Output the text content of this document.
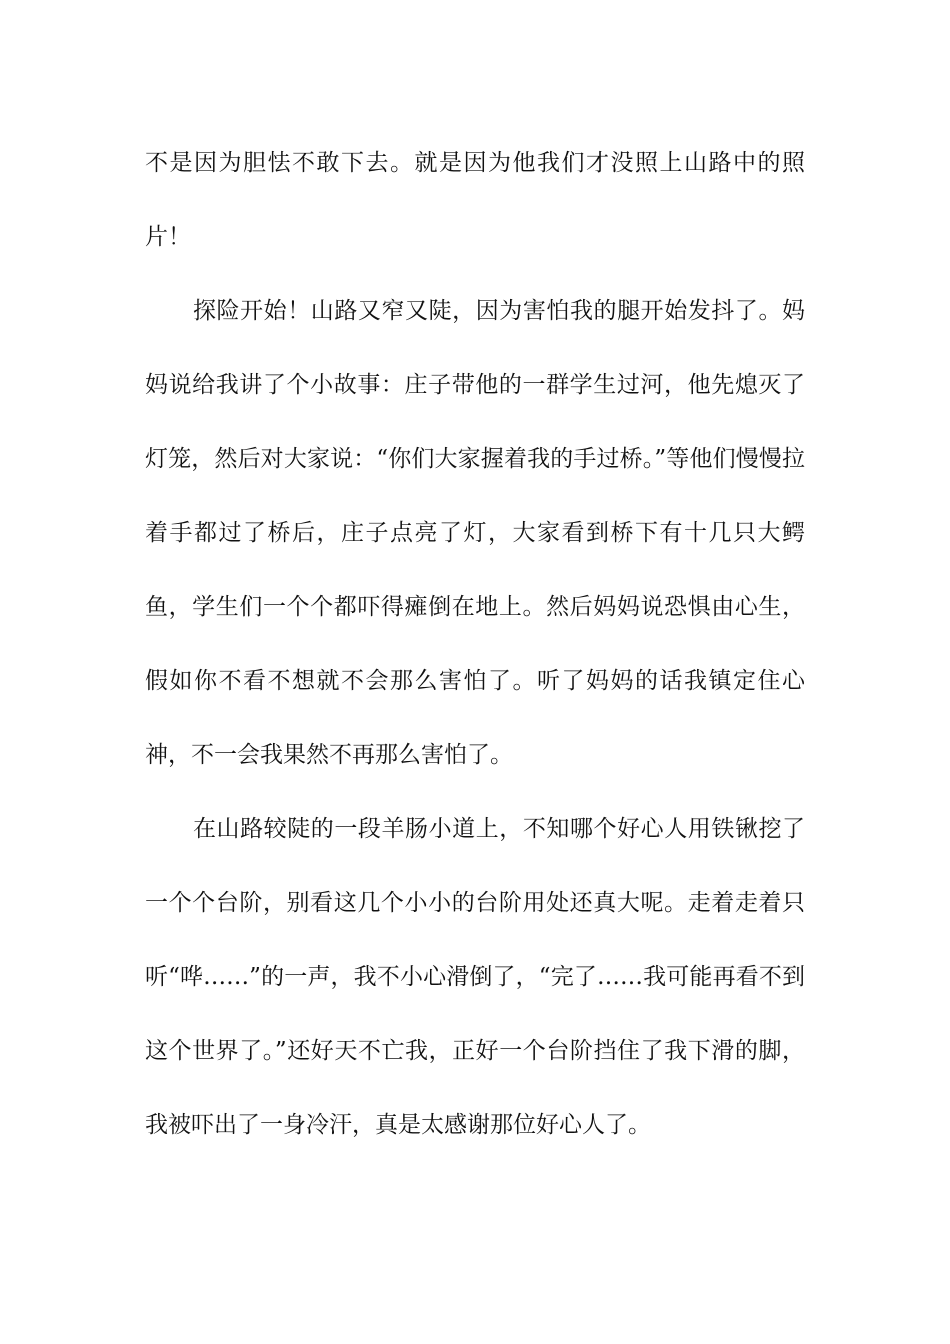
不是因为胆怯不敢下去。就是因为他我们才没照上山路中的照片！

探险开始！山路又窄又陡，因为害怕我的腿开始发抖了。妈妈说给我讲了个小故事：庄子带他的一群学生过河，他先熄灭了灯笼，然后对大家说：“你们大家握着我的手过桥。”等他们慢慢拉着手都过了桥后，庄子点亮了灯，大家看到桥下有十几只大鳄鱼，学生们一个个都吓得瘫倒在地上。然后妈妈说恐惧由心生，假如你不看不想就不会那么害怕了。听了妈妈的话我镇定住心神，不一会我果然不再那么害怕了。

在山路较陡的一段羊肠小道上，不知哪个好心人用铁锹挖了一个个台阶，别看这几个小小的台阶用处还真大呢。走着走着只听“哗……”的一声，我不小心滑倒了，“完了……我可能再看不到这个世界了。”还好天不亡我，正好一个台阶挡住了我下滑的脚，我被吓出了一身冷汗，真是太感谢那位好心人了。
